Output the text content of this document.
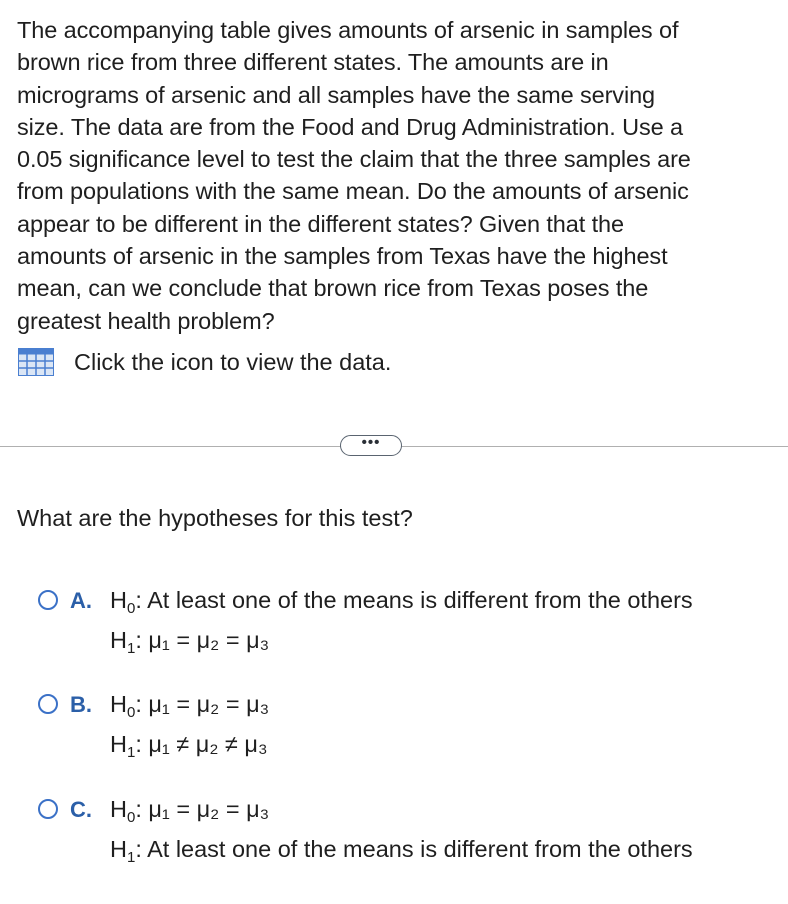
The accompanying table gives amounts of arsenic in samples of
brown rice from three different states. The amounts are in
micrograms of arsenic and all samples have the same serving
size. The data are from the Food and Drug Administration. Use a
0.05 significance level to test the claim that the three samples are
from populations with the same mean. Do the amounts of arsenic
appear to be different in the different states? Given that the
amounts of arsenic in the samples from Texas have the highest
mean, can we conclude that brown rice from Texas poses the
greatest health problem?
Click the icon to view the data.
•••
What are the hypotheses for this test?
A. $H_0$: At least one of the means is different from the others
$H_1$: μ₁ = μ₂ = μ₃
B. $H_0$: μ₁ = μ₂ = μ₃
$H_1$: μ₁ ≠ μ₂ ≠ μ₃
C. $H_0$: μ₁ = μ₂ = μ₃
$H_1$: At least one of the means is different from the others
